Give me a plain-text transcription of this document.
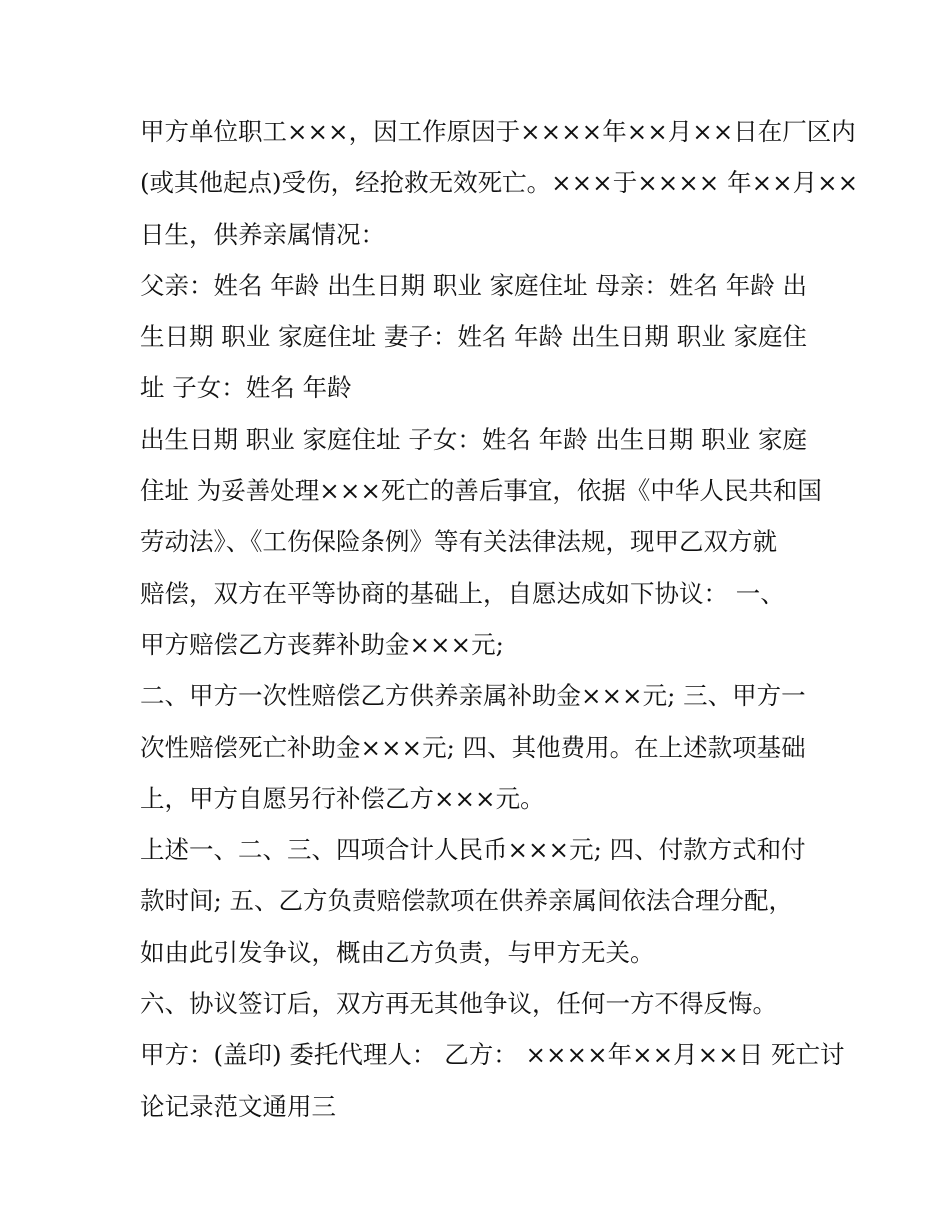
甲方单位职工×××，因工作原因于××××年××月××日在厂区内
(或其他起点)受伤，经抢救无效死亡。×××于×××× 年××月××
日生，供养亲属情况：

父亲：姓名 年龄 出生日期 职业 家庭住址 母亲：姓名 年龄 出
生日期 职业 家庭住址 妻子：姓名 年龄 出生日期 职业 家庭住
址 子女：姓名 年龄

出生日期 职业 家庭住址 子女：姓名 年龄 出生日期 职业 家庭
住址 为妥善处理×××死亡的善后事宜，依据《中华人民共和国
劳动法》、《工伤保险条例》等有关法律法规，现甲乙双方就
赔偿，双方在平等协商的基础上，自愿达成如下协议： 一、
甲方赔偿乙方丧葬补助金×××元;

二、甲方一次性赔偿乙方供养亲属补助金×××元; 三、甲方一
次性赔偿死亡补助金×××元; 四、其他费用。在上述款项基础
上，甲方自愿另行补偿乙方×××元。

上述一、二、三、四项合计人民币×××元; 四、付款方式和付
款时间; 五、乙方负责赔偿款项在供养亲属间依法合理分配，
如由此引发争议，概由乙方负责，与甲方无关。

六、协议签订后，双方再无其他争议，任何一方不得反悔。

甲方：(盖印) 委托代理人： 乙方： ××××年××月××日 死亡讨
论记录范文通用三
